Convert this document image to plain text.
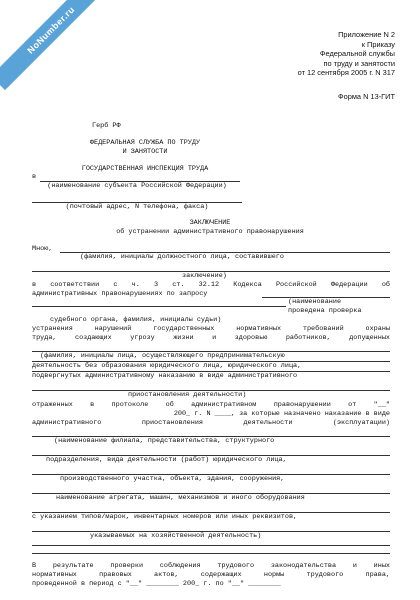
NoNumber.ru	Приложение N 2
к Приказу
Федеральной службы
по труду и занятости
от 12 сентября 2005 г. N 317
Форма N 13-ГИТ
Герб РФ
ФЕДЕРАЛЬНАЯ СЛУЖБА ПО ТРУДУ
И ЗАНЯТОСТИ
ГОСУДАРСТВЕННАЯ ИНСПЕКЦИЯ ТРУДА
в
(наименование субъекта Российской Федерации)
(почтовый адрес, N телефона, факса)
ЗАКЛЮЧЕНИЕ
об устранении административного правонарушения
Мною,
(фамилия, инициалы должностного лица, составившего
заключение)
в соответствии с ч. 3 ст. 32.12 Кодекса Российской Федерации об
административных правонарушениях по запросу
(наименование
проведена проверка
судебного органа, фамилия, инициалы судьи)
устранения нарушений государственных нормативных требований охраны
труда, создающих угрозу жизни и здоровью работников, допущенных
(фамилия, инициалы лица, осуществляющего предпринимательскую
деятельность без образования юридического лица, юридического лица,
подвергнутых административному наказанию в виде административного
приостановления деятельности)
отраженных в протоколе об административном правонарушении от "__"
200_ г. N ____, за которые назначено наказание в виде
административного приостановления деятельности (эксплуатации)
(наименование филиала, представительства, структурного
подразделения, вида деятельности (работ) юридического лица,
производственного участка, объекта, здания, сооружения,
наименование агрегата, машин, механизмов и иного оборудования
с указанием типов/марок, инвентарных номеров или иных реквизитов,
указываемых на хозяйственной деятельность)
В результате проверки соблюдения трудового законодательства и иных
нормативных правовых актов, содержащих нормы трудового права,
проведенной в период с "__" ________ 200_ г. по "__" ________
